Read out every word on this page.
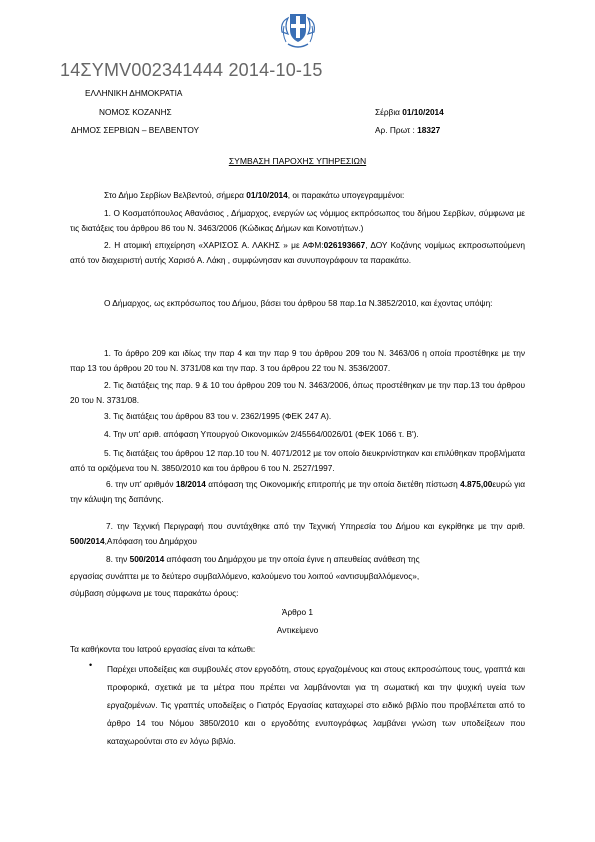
14ΣΥΜV002341444 2014-10-15
ΕΛΛΗΝΙΚΗ ΔΗΜΟΚΡΑΤΙΑ
ΝΟΜΟΣ ΚΟΖΑΝΗΣ
ΔΗΜΟΣ ΣΕΡΒΙΩΝ – ΒΕΛΒΕΝΤΟΥ
Σέρβια 01/10/2014
Αρ. Πρωτ : 18327
ΣΥΜΒΑΣΗ ΠΑΡΟΧΗΣ ΥΠΗΡΕΣΙΩΝ
Στο Δήμο Σερβίων Βελβεντού, σήμερα 01/10/2014, οι παρακάτω υπογεγραμμένοι:
1. Ο Κοσματόπουλος Αθανάσιος , Δήμαρχος, ενεργών ως νόμιμος εκπρόσωπος του δήμου Σερβίων, σύμφωνα με τις διατάξεις του άρθρου 86 του Ν. 3463/2006 (Κώδικας Δήμων και Κοινοτήτων.)
2. Η ατομική επιχείρηση «ΧΑΡΙΣΟΣ Α. ΛΑΚΗΣ » με ΑΦΜ:026193667, ΔΟΥ Κοζάνης νομίμως εκπροσωπούμενη από τον διαχειριστή αυτής Χαρισό Α. Λάκη , συμφώνησαν και συνυπογράφουν τα παρακάτω.
Ο Δήμαρχος, ως εκπρόσωπος του Δήμου, βάσει του άρθρου 58 παρ.1α Ν.3852/2010, και έχοντας υπόψη:
1. Το άρθρο 209 και ιδίως την παρ 4 και την παρ 9 του άρθρου 209 του Ν. 3463/06 η οποία προστέθηκε με την παρ 13 του άρθρου 20 του Ν. 3731/08 και την παρ. 3 του άρθρου 22 του Ν. 3536/2007.
2. Τις διατάξεις της παρ. 9 & 10 του άρθρου 209 του Ν. 3463/2006, όπως προστέθηκαν με την παρ.13 του άρθρου 20 του Ν. 3731/08.
3. Τις διατάξεις του άρθρου 83 του ν. 2362/1995 (ΦΕΚ 247 Α).
4. Την υπ' αριθ. απόφαση Υπουργού Οικονομικών 2/45564/0026/01 (ΦΕΚ 1066 τ. Β').
5. Τις διατάξεις του άρθρου 12 παρ.10 του Ν. 4071/2012 με τον οποίο διευκρινίστηκαν και επιλύθηκαν προβλήματα από τα οριζόμενα του Ν. 3850/2010 και του άρθρου 6 του Ν. 2527/1997.
6. την υπ' αριθμόν 18/2014 απόφαση της Οικονομικής επιτροπής με την οποία διετέθη πίστωση 4.875,00ευρώ για την κάλυψη της δαπάνης.
7. την Τεχνική Περιγραφή που συντάχθηκε από την Τεχνική Υπηρεσία του Δήμου και εγκρίθηκε με την αριθ. 500/2014,Απόφαση του Δημάρχου
8. την 500/2014 απόφαση του Δημάρχου με την οποία έγινε η απευθείας ανάθεση της
εργασίας συνάπτει με το δεύτερο συμβαλλόμενο, καλούμενο του λοιπού «αντισυμβαλλόμενος»,
σύμβαση σύμφωνα με τους παρακάτω όρους:
Άρθρο 1
Αντικείμενο
Τα καθήκοντα του Ιατρού εργασίας είναι τα κάτωθι:
• Παρέχει υποδείξεις και συμβουλές στον εργοδότη, στους εργαζομένους και στους εκπροσώπους τους, γραπτά και προφορικά, σχετικά με τα μέτρα που πρέπει να λαμβάνονται για τη σωματική και την ψυχική υγεία των εργαζομένων. Τις γραπτές υποδείξεις ο Γιατρός Εργασίας καταχωρεί στο ειδικό βιβλίο που προβλέπεται από το άρθρο 14 του Νόμου 3850/2010 και ο εργοδότης ενυπογράφως λαμβάνει γνώση των υποδείξεων που καταχωρούνται στο εν λόγω βιβλίο.
